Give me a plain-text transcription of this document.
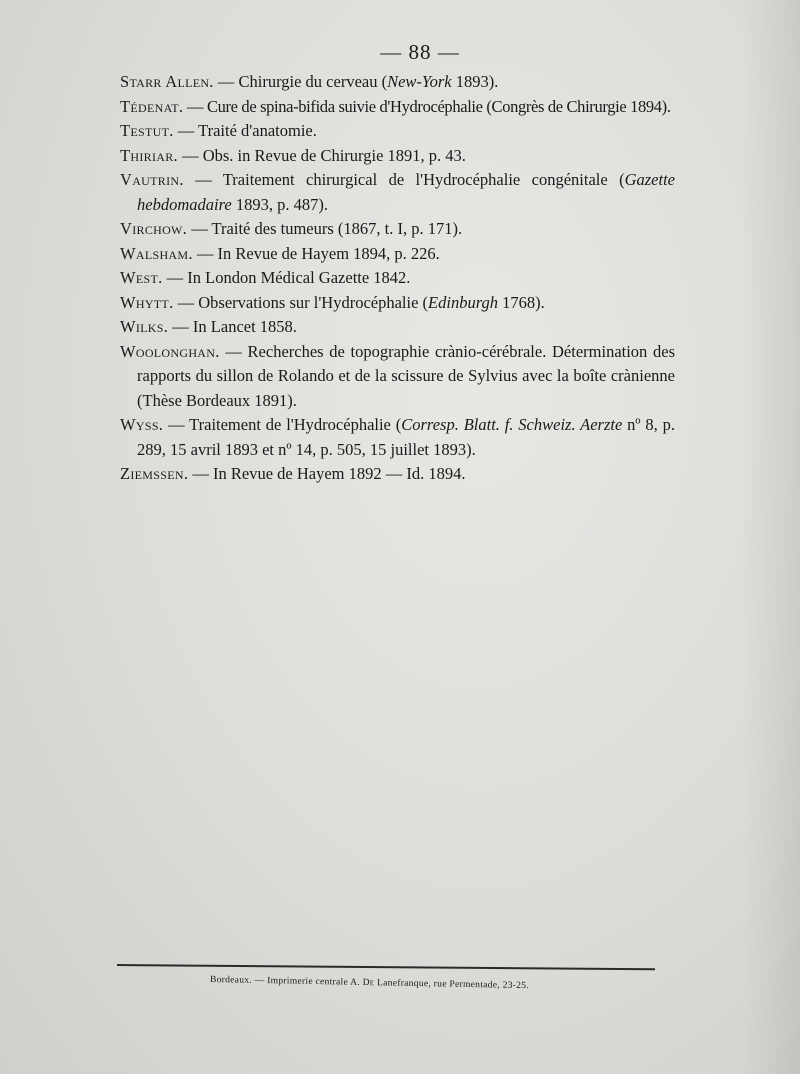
— 88 —

Starr Allen. — Chirurgie du cerveau (New-York 1893).

Tédenat. — Cure de spina-bifida suivie d'Hydrocéphalie (Congrès de Chirurgie 1894).

Testut. — Traité d'anatomie.

Thiriar. — Obs. in Revue de Chirurgie 1891, p. 43.

Vautrin. — Traitement chirurgical de l'Hydrocéphalie congénitale (Gazette hebdomadaire 1893, p. 487).

Virchow. — Traité des tumeurs (1867, t. I, p. 171).

Walsham. — In Revue de Hayem 1894, p. 226.

West. — In London Médical Gazette 1842.

Whytt. — Observations sur l'Hydrocéphalie (Edinburgh 1768).

Wilks. — In Lancet 1858.

Woolonghan. — Recherches de topographie crànio-cérébrale. Détermination des rapports du sillon de Rolando et de la scissure de Sylvius avec la boîte crànienne (Thèse Bordeaux 1891).

Wyss. — Traitement de l'Hydrocéphalie (Corresp. Blatt. f. Schweiz. Aerzte nº 8, p. 289, 15 avril 1893 et nº 14, p. 505, 15 juillet 1893).

Ziemssen. — In Revue de Hayem 1892 — Id. 1894.

Bordeaux. — Imprimerie centrale A. De Lanefranque, rue Permentade, 23-25.
